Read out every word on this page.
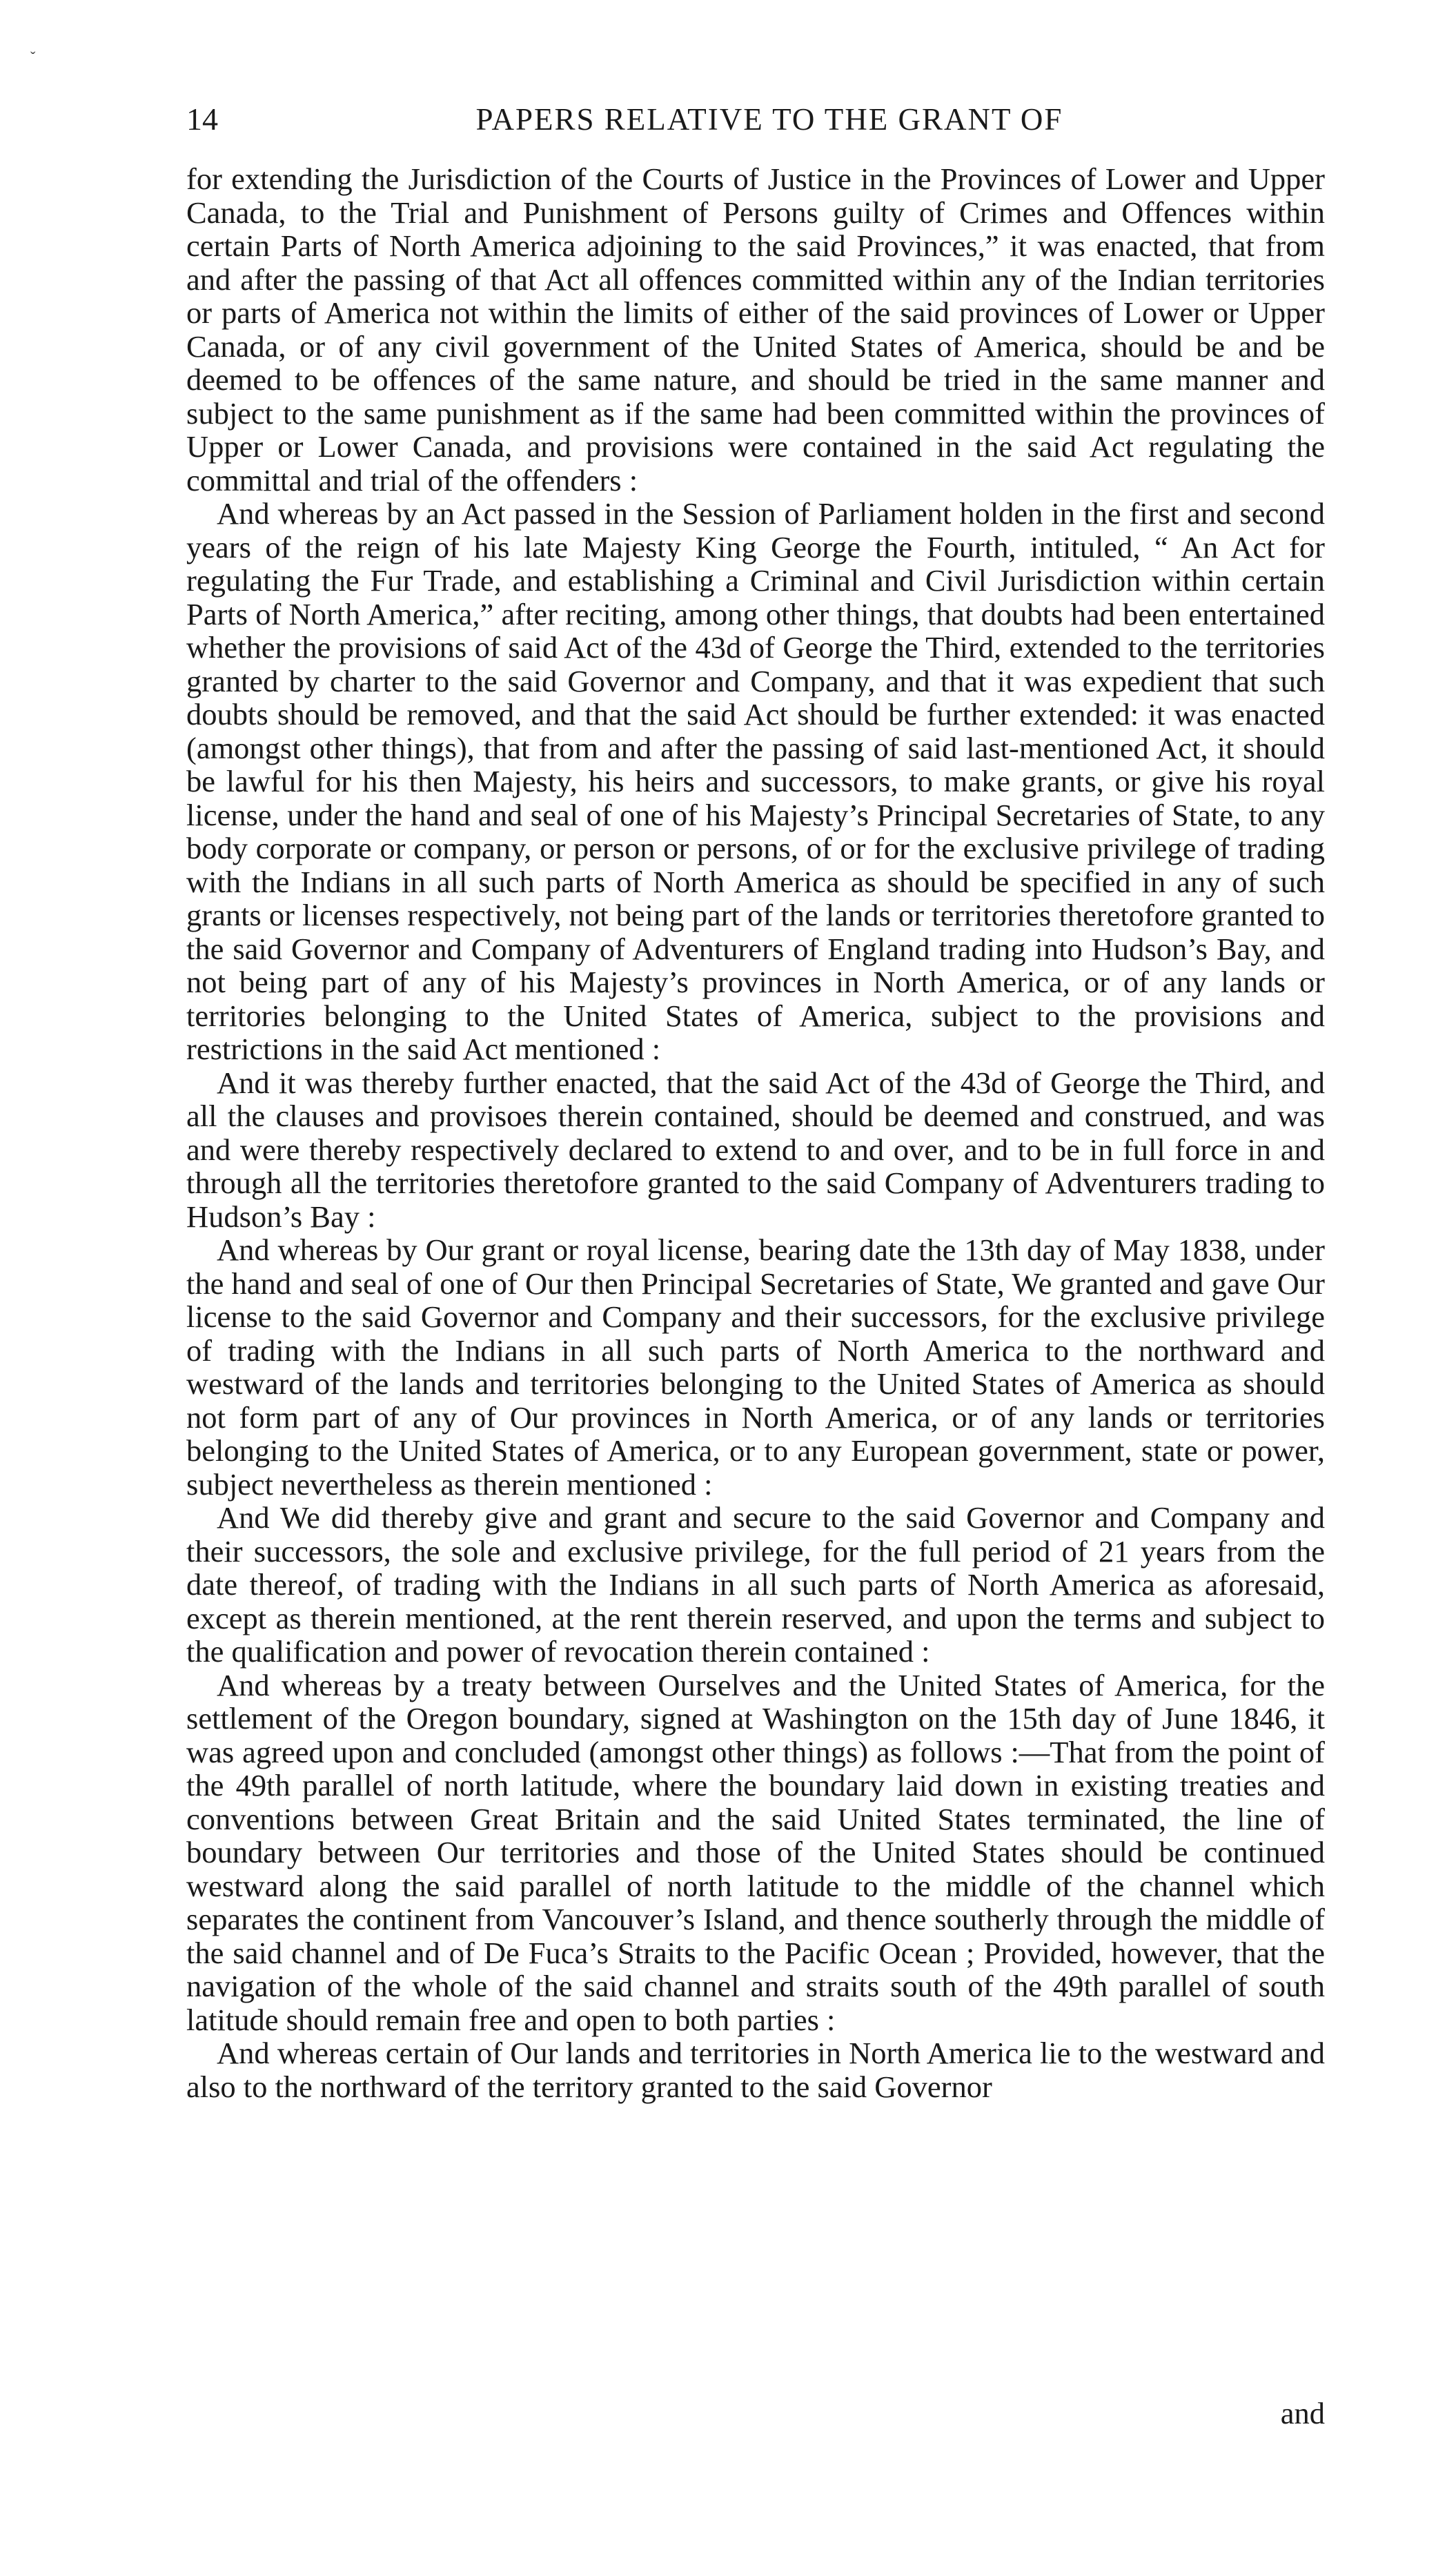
ˇ
14	PAPERS RELATIVE TO THE GRANT OF

for extending the Jurisdiction of the Courts of Justice in the Provinces of Lower and Upper Canada, to the Trial and Punishment of Persons guilty of Crimes and Offences within certain Parts of North America adjoining to the said Provinces,” it was enacted, that from and after the passing of that Act all offences committed within any of the Indian territories or parts of America not within the limits of either of the said provinces of Lower or Upper Canada, or of any civil government of the United States of America, should be and be deemed to be offences of the same nature, and should be tried in the same manner and subject to the same punishment as if the same had been committed within the provinces of Upper or Lower Canada, and provisions were contained in the said Act regulating the committal and trial of the offenders :

And whereas by an Act passed in the Session of Parliament holden in the first and second years of the reign of his late Majesty King George the Fourth, intituled, “ An Act for regulating the Fur Trade, and establishing a Criminal and Civil Jurisdiction within certain Parts of North America,” after reciting, among other things, that doubts had been entertained whether the provisions of said Act of the 43d of George the Third, extended to the territories granted by charter to the said Governor and Company, and that it was expedient that such doubts should be removed, and that the said Act should be further extended: it was enacted (amongst other things), that from and after the passing of said last-mentioned Act, it should be lawful for his then Majesty, his heirs and successors, to make grants, or give his royal license, under the hand and seal of one of his Majesty’s Principal Secretaries of State, to any body corporate or company, or person or persons, of or for the exclusive privilege of trading with the Indians in all such parts of North America as should be specified in any of such grants or licenses respectively, not being part of the lands or territories theretofore granted to the said Governor and Company of Adventurers of England trading into Hudson’s Bay, and not being part of any of his Majesty’s provinces in North America, or of any lands or territories belonging to the United States of America, subject to the provisions and restrictions in the said Act mentioned :

And it was thereby further enacted, that the said Act of the 43d of George the Third, and all the clauses and provisoes therein contained, should be deemed and construed, and was and were thereby respectively declared to extend to and over, and to be in full force in and through all the territories theretofore granted to the said Company of Adventurers trading to Hudson’s Bay :

And whereas by Our grant or royal license, bearing date the 13th day of May 1838, under the hand and seal of one of Our then Principal Secretaries of State, We granted and gave Our license to the said Governor and Company and their successors, for the exclusive privilege of trading with the Indians in all such parts of North America to the northward and westward of the lands and territories belonging to the United States of America as should not form part of any of Our provinces in North America, or of any lands or territories belonging to the United States of America, or to any European government, state or power, subject nevertheless as therein mentioned :

And We did thereby give and grant and secure to the said Governor and Company and their successors, the sole and exclusive privilege, for the full period of 21 years from the date thereof, of trading with the Indians in all such parts of North America as aforesaid, except as therein mentioned, at the rent therein reserved, and upon the terms and subject to the qualification and power of revocation therein contained :

And whereas by a treaty between Ourselves and the United States of America, for the settlement of the Oregon boundary, signed at Washington on the 15th day of June 1846, it was agreed upon and concluded (amongst other things) as follows :—That from the point of the 49th parallel of north latitude, where the boundary laid down in existing treaties and conventions between Great Britain and the said United States terminated, the line of boundary between Our territories and those of the United States should be continued westward along the said parallel of north latitude to the middle of the channel which separates the continent from Vancouver’s Island, and thence southerly through the middle of the said channel and of De Fuca’s Straits to the Pacific Ocean ; Provided, however, that the navigation of the whole of the said channel and straits south of the 49th parallel of south latitude should remain free and open to both parties :

And whereas certain of Our lands and territories in North America lie to the westward and also to the northward of the territory granted to the said Governor

and
